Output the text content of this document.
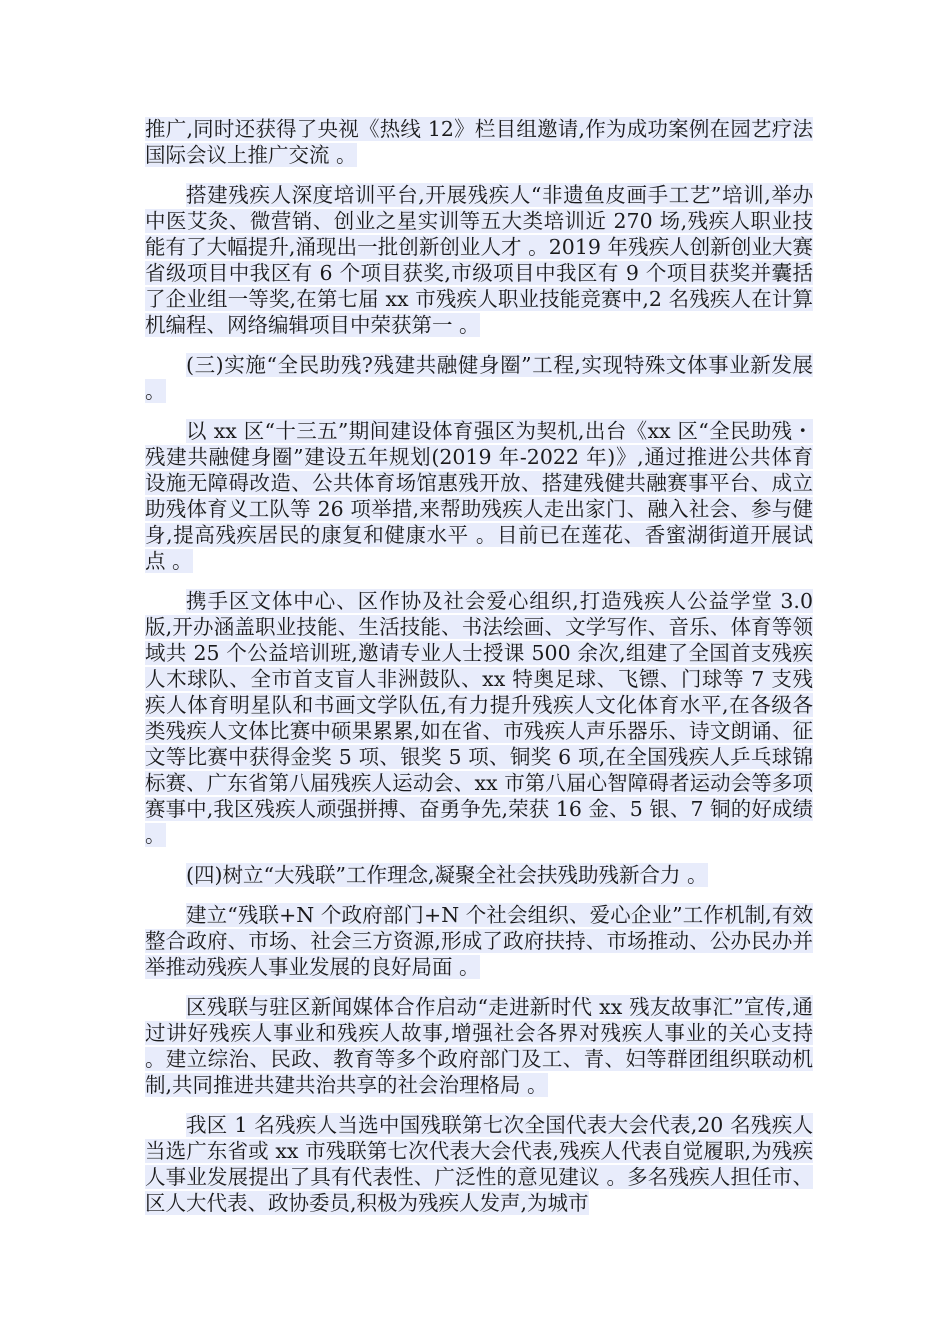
推广,同时还获得了央视《热线 12》栏目组邀请,作为成功案例在园艺疗法国际会议上推广交流 。

搭建残疾人深度培训平台,开展残疾人“非遗鱼皮画手工艺”培训,举办中医艾灸、微营销、创业之星实训等五大类培训近 270 场,残疾人职业技能有了大幅提升,涌现出一批创新创业人才 。2019 年残疾人创新创业大赛省级项目中我区有 6 个项目获奖,市级项目中我区有 9 个项目获奖并囊括了企业组一等奖,在第七届 xx 市残疾人职业技能竞赛中,2 名残疾人在计算机编程、网络编辑项目中荣获第一 。

(三)实施“全民助残?残建共融健身圈”工程,实现特殊文体事业新发展 。

以 xx 区“十三五”期间建设体育强区为契机,出台《xx 区“全民助残・残建共融健身圈”建设五年规划(2019 年-2022 年)》,通过推进公共体育设施无障碍改造、公共体育场馆惠残开放、搭建残健共融赛事平台、成立助残体育义工队等 26 项举措,来帮助残疾人走出家门、融入社会、参与健身,提高残疾居民的康复和健康水平 。目前已在莲花、香蜜湖街道开展试点 。

携手区文体中心、区作协及社会爱心组织,打造残疾人公益学堂 3.0 版,开办涵盖职业技能、生活技能、书法绘画、文学写作、音乐、体育等领域共 25 个公益培训班,邀请专业人士授课 500 余次,组建了全国首支残疾人木球队、全市首支盲人非洲鼓队、xx 特奥足球、飞镖、门球等 7 支残疾人体育明星队和书画文学队伍,有力提升残疾人文化体育水平,在各级各类残疾人文体比赛中硕果累累,如在省、市残疾人声乐器乐、诗文朗诵、征文等比赛中获得金奖 5 项、银奖 5 项、铜奖 6 项,在全国残疾人乒乓球锦标赛、广东省第八届残疾人运动会、xx 市第八届心智障碍者运动会等多项赛事中,我区残疾人顽强拼搏、奋勇争先,荣获 16 金、5 银、7 铜的好成绩 。

(四)树立“大残联”工作理念,凝聚全社会扶残助残新合力 。

建立“残联+N 个政府部门+N 个社会组织、爱心企业”工作机制,有效整合政府、市场、社会三方资源,形成了政府扶持、市场推动、公办民办并举推动残疾人事业发展的良好局面 。

区残联与驻区新闻媒体合作启动“走进新时代 xx 残友故事汇”宣传,通过讲好残疾人事业和残疾人故事,增强社会各界对残疾人事业的关心支持 。建立综治、民政、教育等多个政府部门及工、青、妇等群团组织联动机制,共同推进共建共治共享的社会治理格局 。

我区 1 名残疾人当选中国残联第七次全国代表大会代表,20 名残疾人当选广东省或 xx 市残联第七次代表大会代表,残疾人代表自觉履职,为残疾人事业发展提出了具有代表性、广泛性的意见建议 。多名残疾人担任市、区人大代表、政协委员,积极为残疾人发声,为城市
